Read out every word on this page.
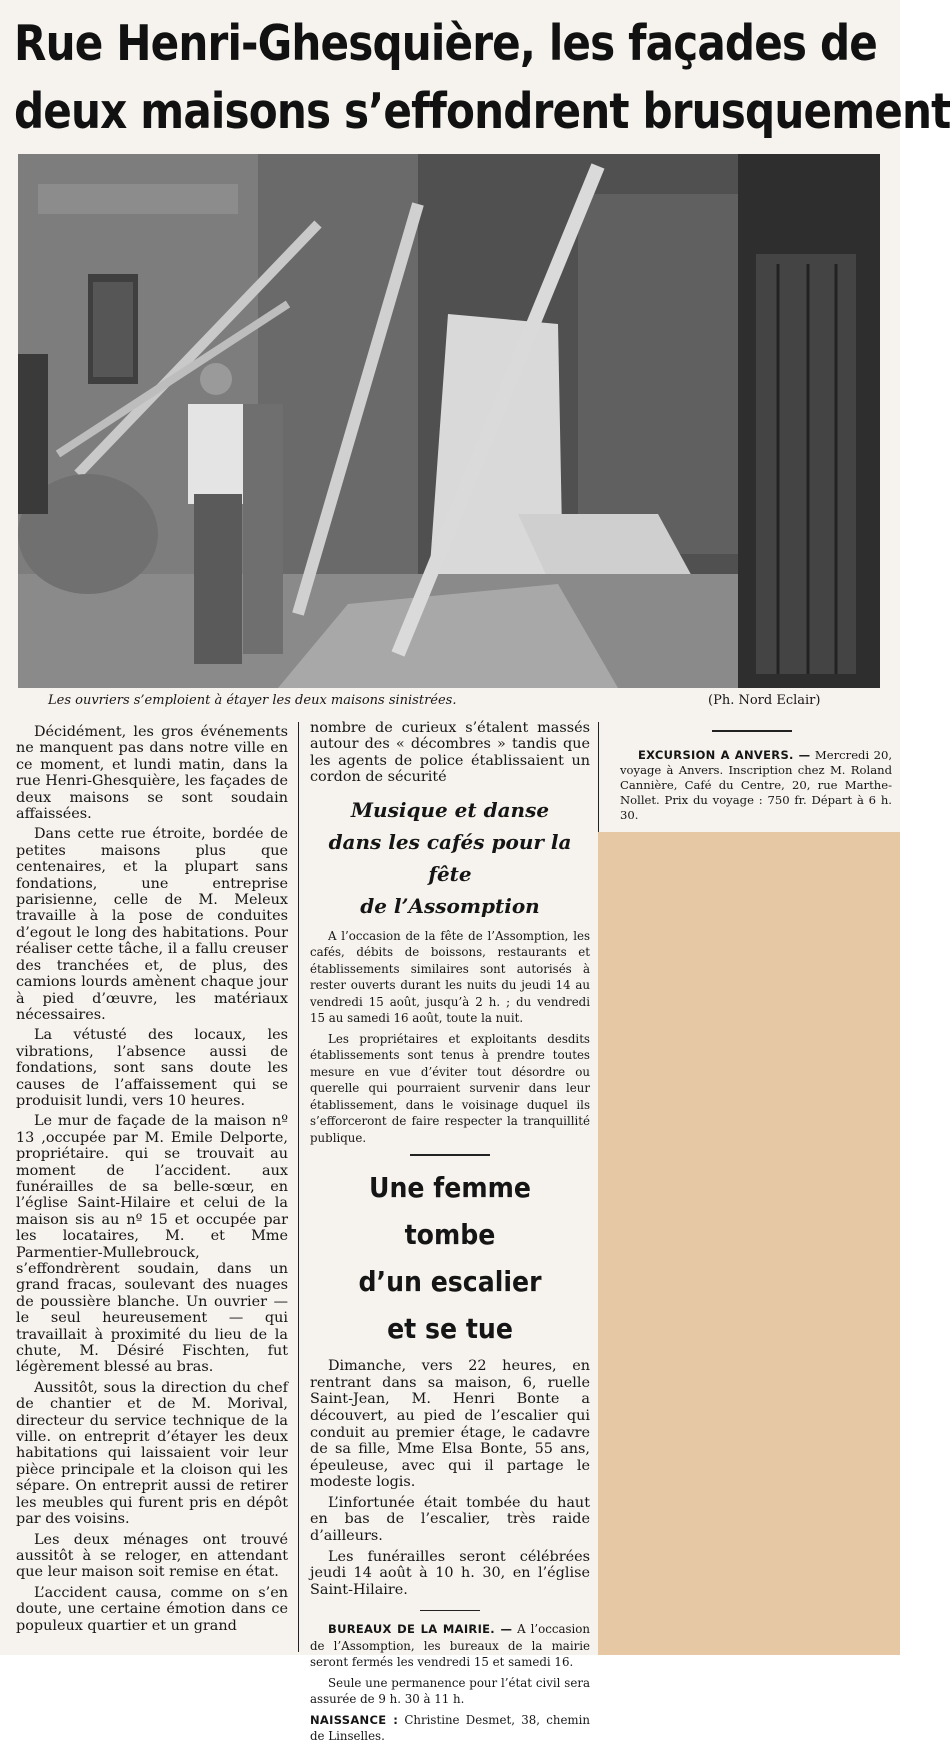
Rue Henri-Ghesquière, les façades de
deux maisons s’effondrent brusquement

Les ouvriers s’emploient à étayer les deux maisons sinistrées.	(Ph. Nord Eclair)

Décidément, les gros événements ne manquent pas dans notre ville en ce moment, et lundi matin, dans la rue Henri-Ghesquière, les façades de deux maisons se sont soudain affaissées.

Dans cette rue étroite, bordée de petites maisons plus que centenaires, et la plupart sans fondations, une entreprise parisienne, celle de M. Meleux travaille à la pose de conduites d’egout le long des habitations. Pour réaliser cette tâche, il a fallu creuser des tranchées et, de plus, des camions lourds amènent chaque jour à pied d’œuvre, les matériaux nécessaires.

La vétusté des locaux, les vibrations, l’absence aussi de fondations, sont sans doute les causes de l’affaissement qui se produisit lundi, vers 10 heures.

Le mur de façade de la maison nº 13 ,occupée par M. Emile Delporte, propriétaire. qui se trouvait au moment de l’accident. aux funérailles de sa belle-sœur, en l’église Saint-Hilaire et celui de la maison sis au nº 15 et occupée par les locataires, M. et Mme Parmentier-Mullebrouck, s’effondrèrent soudain, dans un grand fracas, soulevant des nuages de poussière blanche. Un ouvrier — le seul heureusement — qui travaillait à proximité du lieu de la chute, M. Désiré Fischten, fut légèrement blessé au bras.

Aussitôt, sous la direction du chef de chantier et de M. Morival, directeur du service technique de la ville. on entreprit d’étayer les deux habitations qui laissaient voir leur pièce principale et la cloison qui les sépare. On entreprit aussi de retirer les meubles qui furent pris en dépôt par des voisins.

Les deux ménages ont trouvé aussitôt à se reloger, en attendant que leur maison soit remise en état.

L’accident causa, comme on s’en doute, une certaine émotion dans ce populeux quartier et un grand

nombre de curieux s’étalent massés autour des « décombres » tandis que les agents de police établissaient un cordon de sécurité

Musique et danse
dans les cafés pour la fête
de l’Assomption

A l’occasion de la fête de l’Assomption, les cafés, débits de boissons, restaurants et établissements similaires sont autorisés à rester ouverts durant les nuits du jeudi 14 au vendredi 15 août, jusqu’à 2 h. ; du vendredi 15 au samedi 16 août, toute la nuit.

Les propriétaires et exploitants desdits établissements sont tenus à prendre toutes mesure en vue d’éviter tout désordre ou querelle qui pourraient survenir dans leur établissement, dans le voisinage duquel ils s’efforceront de faire respecter la tranquillité publique.

Une femme tombe
d’un escalier
et se tue

Dimanche, vers 22 heures, en rentrant dans sa maison, 6, ruelle Saint-Jean, M. Henri Bonte a découvert, au pied de l’escalier qui conduit au premier étage, le cadavre de sa fille, Mme Elsa Bonte, 55 ans, épeuleuse, avec qui il partage le modeste logis.

L’infortunée était tombée du haut en bas de l’escalier, très raide d’ailleurs.

Les funérailles seront célébrées jeudi 14 août à 10 h. 30, en l’église Saint-Hilaire.

BUREAUX DE LA MAIRIE. — A l’occasion de l’Assomption, les bureaux de la mairie seront fermés les vendredi 15 et samedi 16.

Seule une permanence pour l’état civil sera assurée de 9 h. 30 à 11 h.

NAISSANCE : Christine Desmet, 38, chemin de Linselles.

EXCURSION A ANVERS. — Mercredi 20, voyage à Anvers. Inscription chez M. Roland Cannière, Café du Centre, 20, rue Marthe-Nollet. Prix du voyage : 750 fr. Départ à 6 h. 30.
